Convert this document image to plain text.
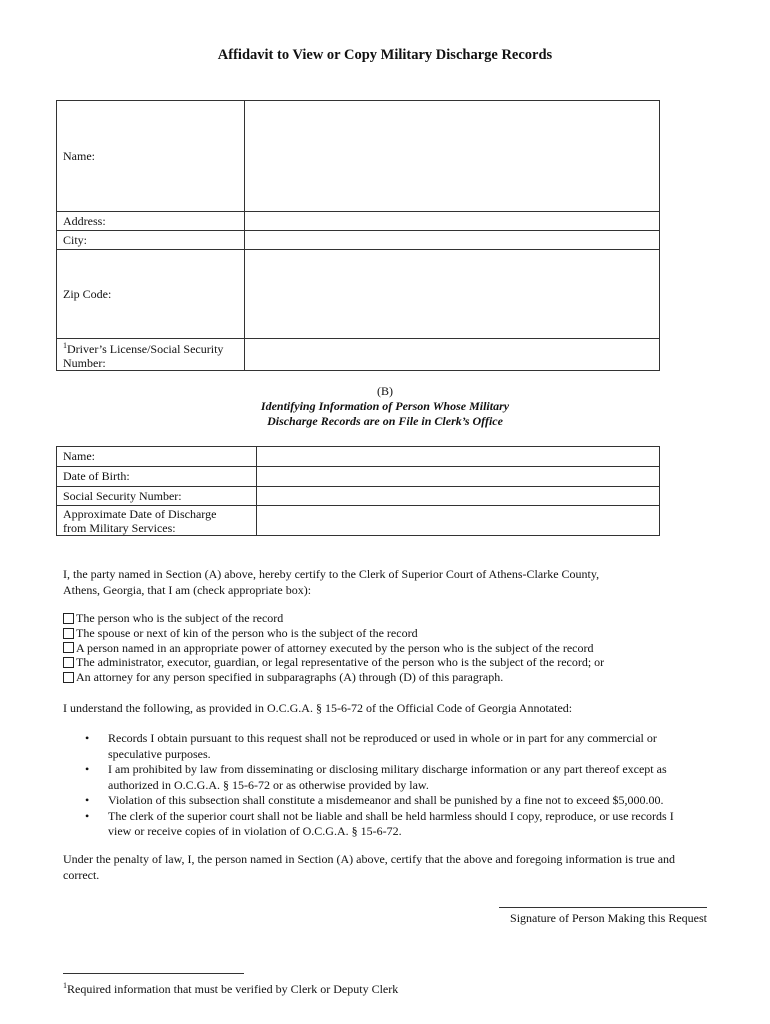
Affidavit to View or Copy Military Discharge Records
Name:	
Address:	
City:	
Zip Code:	
$^1$Driver’s License/Social Security
Number:	
(B)
Identifying Information of Person Whose Military
Discharge Records are on File in Clerk’s Office
Name:	
Date of Birth:	
Social Security Number:	
Approximate Date of Discharge
from Military Services:	

I, the party named in Section (A) above, hereby certify to the Clerk of Superior Court of Athens-Clarke County,
Athens, Georgia, that I am (check appropriate box):

The person who is the subject of the record
The spouse or next of kin of the person who is the subject of the record
A person named in an appropriate power of attorney executed by the person who is the subject of the record
The administrator, executor, guardian, or legal representative of the person who is the subject of the record; or
An attorney for any person specified in subparagraphs (A) through (D) of this paragraph.

I understand the following, as provided in O.C.G.A. § 15-6-72 of the Official Code of Georgia Annotated:

• Records I obtain pursuant to this request shall not be reproduced or used in whole or in part for any commercial or
speculative purposes.
• I am prohibited by law from disseminating or disclosing military discharge information or any part thereof except as
authorized in O.C.G.A. § 15-6-72 or as otherwise provided by law.
• Violation of this subsection shall constitute a misdemeanor and shall be punished by a fine not to exceed $5,000.00.
• The clerk of the superior court shall not be liable and shall be held harmless should I copy, reproduce, or use records I
view or receive copies of in violation of O.C.G.A. § 15-6-72.

Under the penalty of law, I, the person named in Section (A) above, certify that the above and foregoing information is true and
correct.

Signature of Person Making this Request
$^1$Required information that must be verified by Clerk or Deputy Clerk
